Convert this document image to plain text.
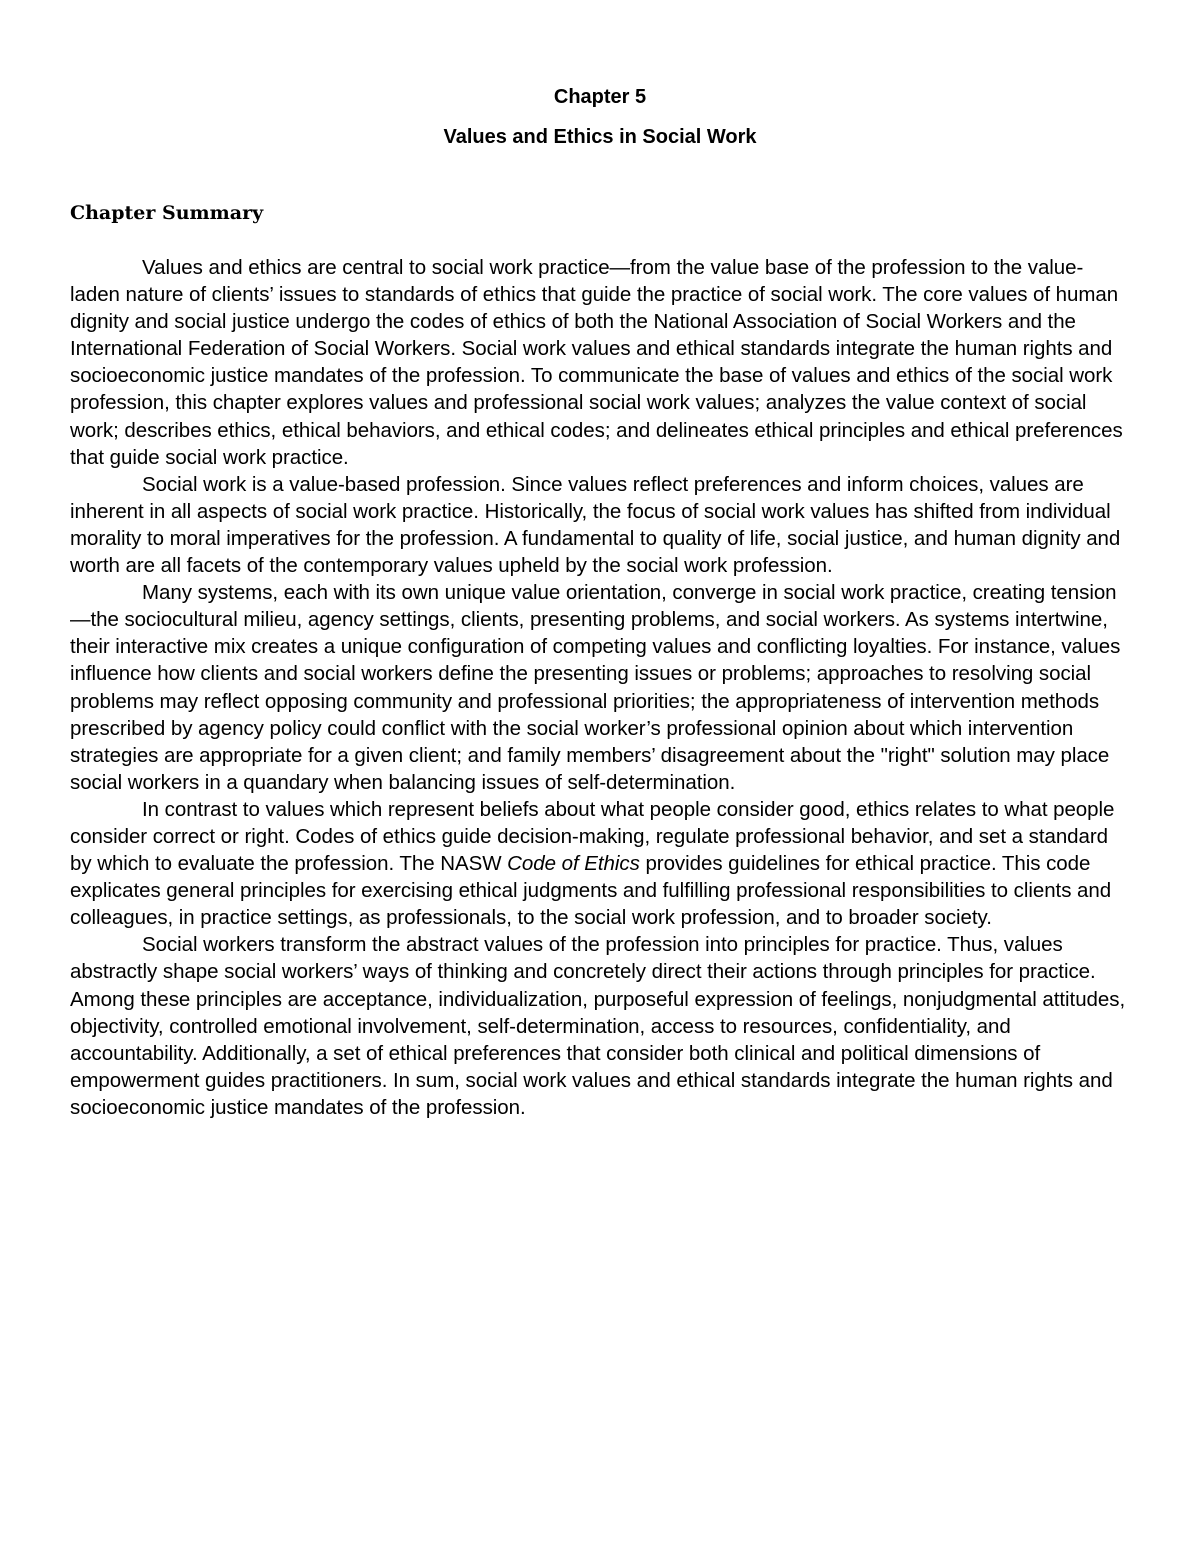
Chapter 5
Values and Ethics in Social Work
Chapter Summary

Values and ethics are central to social work practice—from the value base of the profession to the value-laden nature of clients’ issues to standards of ethics that guide the practice of social work. The core values of human dignity and social justice undergo the codes of ethics of both the National Association of Social Workers and the International Federation of Social Workers. Social work values and ethical standards integrate the human rights and socioeconomic justice mandates of the profession. To communicate the base of values and ethics of the social work profession, this chapter explores values and professional social work values; analyzes the value context of social work; describes ethics, ethical behaviors, and ethical codes; and delineates ethical principles and ethical preferences that guide social work practice.

Social work is a value-based profession. Since values reflect preferences and inform choices, values are inherent in all aspects of social work practice. Historically, the focus of social work values has shifted from individual morality to moral imperatives for the profession. A fundamental to quality of life, social justice, and human dignity and worth are all facets of the contemporary values upheld by the social work profession.

Many systems, each with its own unique value orientation, converge in social work practice, creating tension—the sociocultural milieu, agency settings, clients, presenting problems, and social workers. As systems intertwine, their interactive mix creates a unique configuration of competing values and conflicting loyalties. For instance, values influence how clients and social workers define the presenting issues or problems; approaches to resolving social problems may reflect opposing community and professional priorities; the appropriateness of intervention methods prescribed by agency policy could conflict with the social worker’s professional opinion about which intervention strategies are appropriate for a given client; and family members’ disagreement about the "right" solution may place social workers in a quandary when balancing issues of self-determination.

In contrast to values which represent beliefs about what people consider good, ethics relates to what people consider correct or right. Codes of ethics guide decision-making, regulate professional behavior, and set a standard by which to evaluate the profession. The NASW Code of Ethics provides guidelines for ethical practice. This code explicates general principles for exercising ethical judgments and fulfilling professional responsibilities to clients and colleagues, in practice settings, as professionals, to the social work profession, and to broader society.

Social workers transform the abstract values of the profession into principles for practice. Thus, values abstractly shape social workers’ ways of thinking and concretely direct their actions through principles for practice. Among these principles are acceptance, individualization, purposeful expression of feelings, nonjudgmental attitudes, objectivity, controlled emotional involvement, self-determination, access to resources, confidentiality, and accountability. Additionally, a set of ethical preferences that consider both clinical and political dimensions of empowerment guides practitioners. In sum, social work values and ethical standards integrate the human rights and socioeconomic justice mandates of the profession.
